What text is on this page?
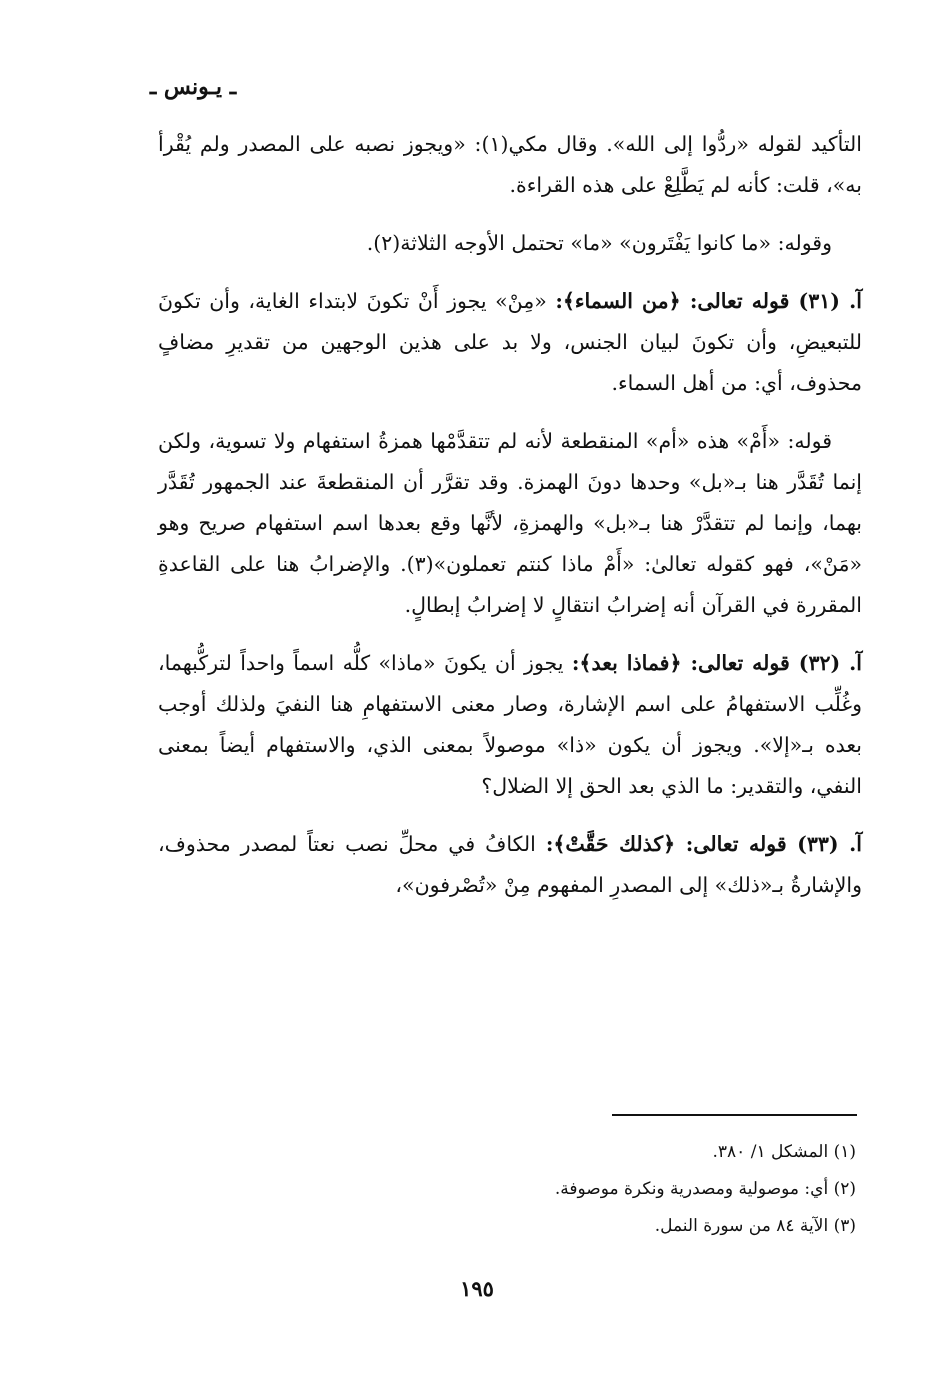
ـ يـونس ـ

التأكيد لقوله «ردُّوا إلى الله». وقال مكي(١): «ويجوز نصبه على المصدر ولم يُقْرأ به»، قلت: كأنه لم يَطَّلِعْ على هذه القراءة.

وقوله: «ما كانوا يَفْتَرون» «ما» تحتمل الأوجه الثلاثة(٢).

آ. (٣١) قوله تعالى: ﴿من السماء﴾: «مِنْ» يجوز أَنْ تكونَ لابتداء الغاية، وأن تكونَ للتبعيضِ، وأن تكونَ لبيان الجنس، ولا بد على هذين الوجهين من تقديرِ مضافٍ محذوف، أي: من أهل السماء.

قوله: «أَمْ» هذه «أم» المنقطعة لأنه لم تتقدَّمْها همزةُ استفهام ولا تسوية، ولكن إنما تُقَدَّر هنا بـ«بل» وحدها دونَ الهمزة. وقد تقرَّر أن المنقطعةَ عند الجمهور تُقَدَّر بهما، وإنما لم تتقدَّرْ هنا بـ«بل» والهمزةِ، لأنَّها وقع بعدها اسم استفهام صريح وهو «مَنْ»، فهو كقوله تعالىٰ: «أَمْ ماذا كنتم تعملون»(٣). والإضرابُ هنا على القاعدةِ المقررة في القرآن أنه إضرابُ انتقالٍ لا إضرابُ إبطالٍ.

آ. (٣٢) قوله تعالى: ﴿فماذا بعد﴾: يجوز أن يكونَ «ماذا» كلُّه اسماً واحداً لتركُّبهما، وغُلِّب الاستفهامُ على اسم الإشارة، وصار معنى الاستفهامِ هنا النفيَ ولذلك أوجب بعده بـ«إلا». ويجوز أن يكون «ذا» موصولاً بمعنى الذي، والاستفهام أيضاً بمعنى النفي، والتقدير: ما الذي بعد الحق إلا الضلال؟

آ. (٣٣) قوله تعالى: ﴿كذلك حَقَّتْ﴾: الكافُ في محلِّ نصب نعتاً لمصدر محذوف، والإشارةُ بـ«ذلك» إلى المصدرِ المفهوم مِنْ «تُصْرفون»،

(١) المشكل ١/ ٣٨٠.

(٢) أي: موصولية ومصدرية ونكرة موصوفة.

(٣) الآية ٨٤ من سورة النمل.

١٩٥
